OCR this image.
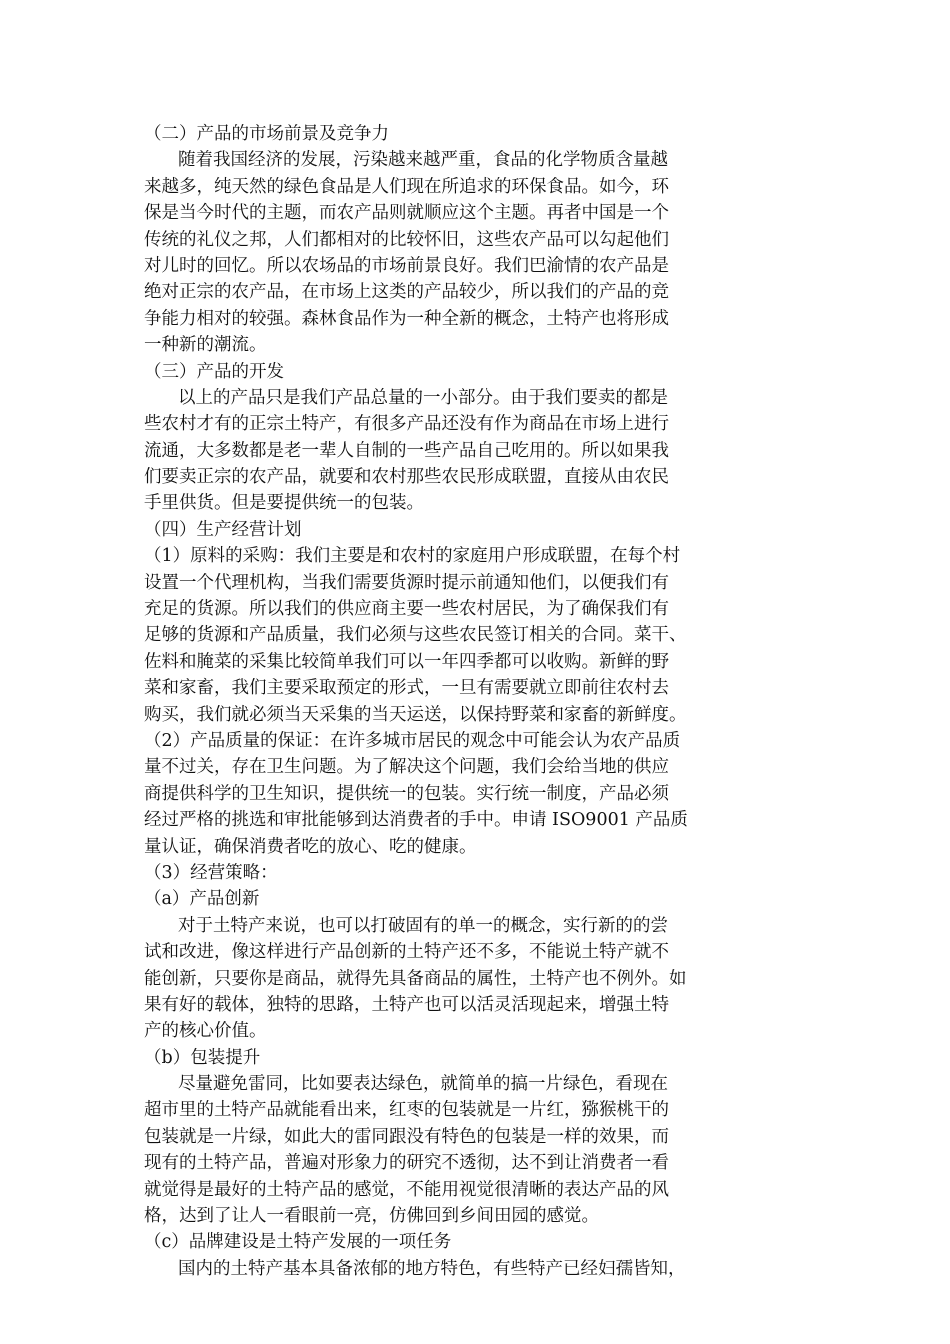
（二）产品的市场前景及竞争力
随着我国经济的发展，污染越来越严重，食品的化学物质含量越
来越多，纯天然的绿色食品是人们现在所追求的环保食品。如今，环
保是当今时代的主题，而农产品则就顺应这个主题。再者中国是一个
传统的礼仪之邦，人们都相对的比较怀旧，这些农产品可以勾起他们
对儿时的回忆。所以农场品的市场前景良好。我们巴渝情的农产品是
绝对正宗的农产品，在市场上这类的产品较少，所以我们的产品的竞
争能力相对的较强。森林食品作为一种全新的概念，土特产也将形成
一种新的潮流。
（三）产品的开发
以上的产品只是我们产品总量的一小部分。由于我们要卖的都是
些农村才有的正宗土特产，有很多产品还没有作为商品在市场上进行
流通，大多数都是老一辈人自制的一些产品自己吃用的。所以如果我
们要卖正宗的农产品，就要和农村那些农民形成联盟，直接从由农民
手里供货。但是要提供统一的包装。
（四）生产经营计划
（1）原料的采购：我们主要是和农村的家庭用户形成联盟，在每个村
设置一个代理机构，当我们需要货源时提示前通知他们，以便我们有
充足的货源。所以我们的供应商主要一些农村居民，为了确保我们有
足够的货源和产品质量，我们必须与这些农民签订相关的合同。菜干、
佐料和腌菜的采集比较简单我们可以一年四季都可以收购。新鲜的野
菜和家畜，我们主要采取预定的形式，一旦有需要就立即前往农村去
购买，我们就必须当天采集的当天运送，以保持野菜和家畜的新鲜度。
（2）产品质量的保证：在许多城市居民的观念中可能会认为农产品质
量不过关，存在卫生问题。为了解决这个问题，我们会给当地的供应
商提供科学的卫生知识，提供统一的包装。实行统一制度，产品必须
经过严格的挑选和审批能够到达消费者的手中。申请 ISO9001 产品质
量认证，确保消费者吃的放心、吃的健康。
（3）经营策略：
（a）产品创新
对于土特产来说，也可以打破固有的单一的概念，实行新的的尝
试和改进，像这样进行产品创新的土特产还不多，不能说土特产就不
能创新，只要你是商品，就得先具备商品的属性，土特产也不例外。如
果有好的载体，独特的思路，土特产也可以活灵活现起来，增强土特
产的核心价值。
（b）包装提升
尽量避免雷同，比如要表达绿色，就简单的搞一片绿色，看现在
超市里的土特产品就能看出来，红枣的包装就是一片红，猕猴桃干的
包装就是一片绿，如此大的雷同跟没有特色的包装是一样的效果，而
现有的土特产品，普遍对形象力的研究不透彻，达不到让消费者一看
就觉得是最好的土特产品的感觉，不能用视觉很清晰的表达产品的风
格，达到了让人一看眼前一亮，仿佛回到乡间田园的感觉。
（c）品牌建设是土特产发展的一项任务
国内的土特产基本具备浓郁的地方特色，有些特产已经妇孺皆知，
